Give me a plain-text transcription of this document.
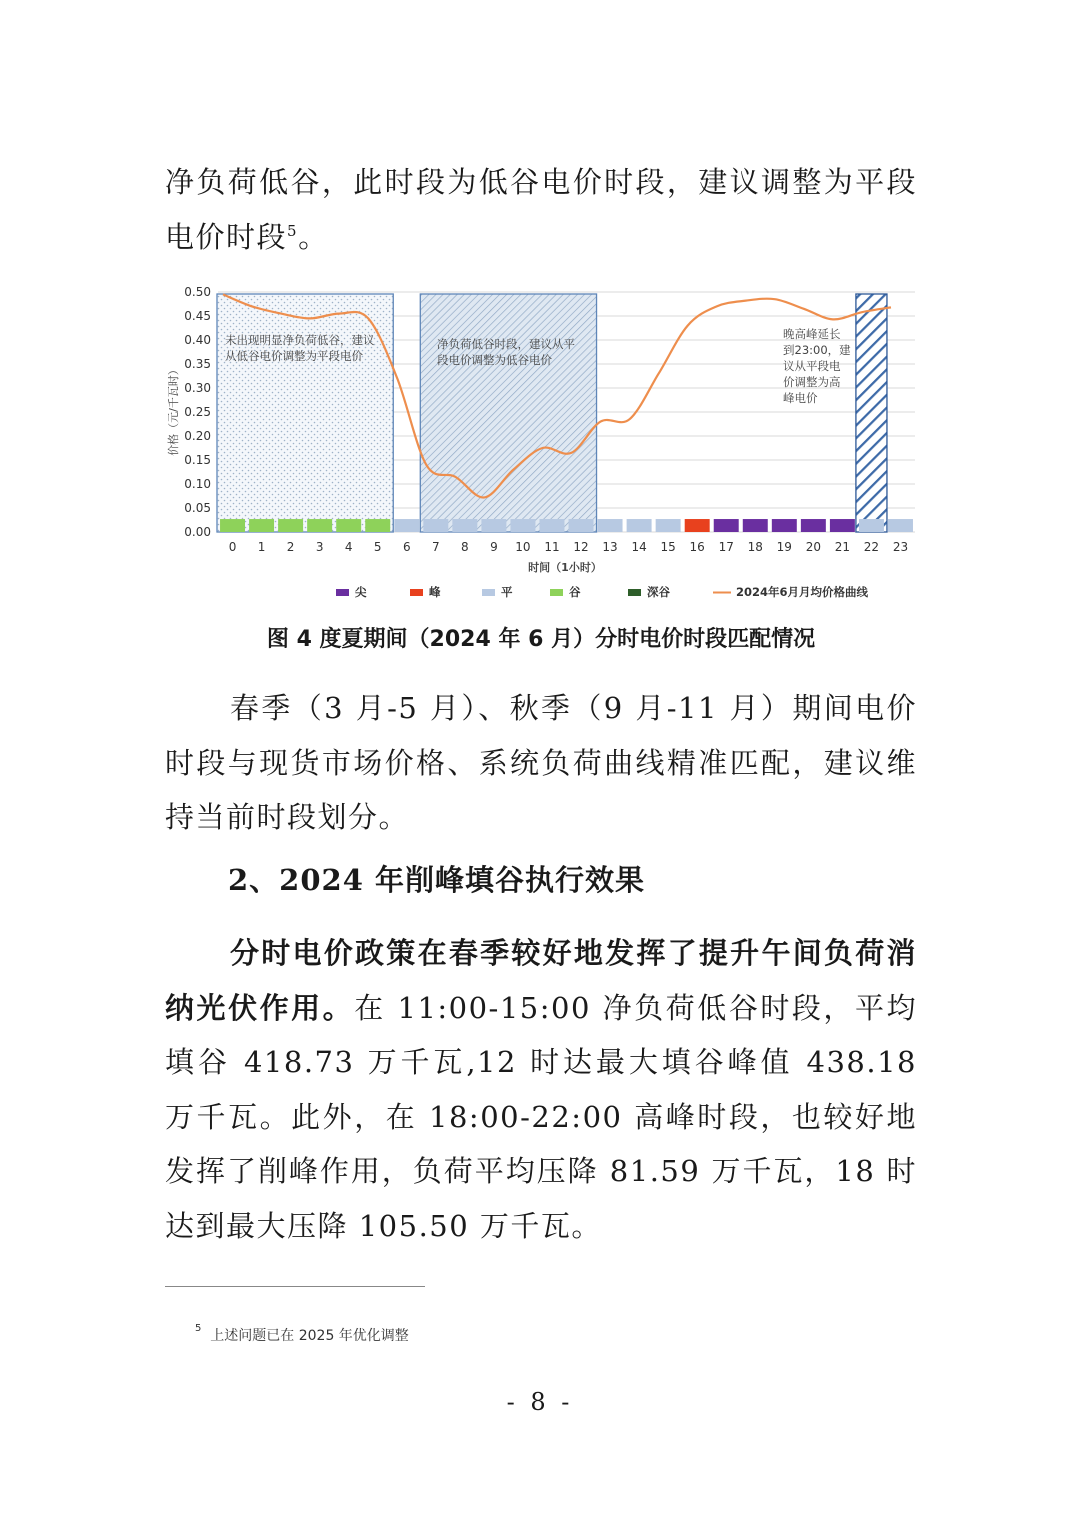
净负荷低谷，此时段为低谷电价时段，建议调整为平段电价时段$^5$。

0.00
0.05
0.10
0.15
0.20
0.25
0.30
0.35
0.40
0.45
0.50
0 1 2 3 4 5 6 7 8 9 10 11 12 13 14 15 16 17 18 19 20 21 22 23
未出现明显净负荷低谷，建议
从低谷电价调整为平段电价
净负荷低谷时段，建议从平
段电价调整为低谷电价
晚高峰延长
到23:00，建
议从平段电
价调整为高
峰电价
尖	峰	平	谷	深谷	2024年6月月均价格曲线
价格（元/千瓦时）
时间（1小时）
图 4 度夏期间（2024 年 6 月）分时电价时段匹配情况

春季（3 月-5 月）、秋季（9 月-11 月）期间电价时段与现货市场价格、系统负荷曲线精准匹配，建议维持当前时段划分。

2、2024 年削峰填谷执行效果

分时电价政策在春季较好地发挥了提升午间负荷消纳光伏作用。在 11:00-15:00 净负荷低谷时段，平均填谷 418.73 万千瓦,12 时达最大填谷峰值 438.18 万千瓦。此外，在 18:00-22:00 高峰时段，也较好地发挥了削峰作用，负荷平均压降 81.59 万千瓦，18 时达到最大压降 105.50 万千瓦。

$^5$ 上述问题已在 2025 年优化调整
- 8 -
